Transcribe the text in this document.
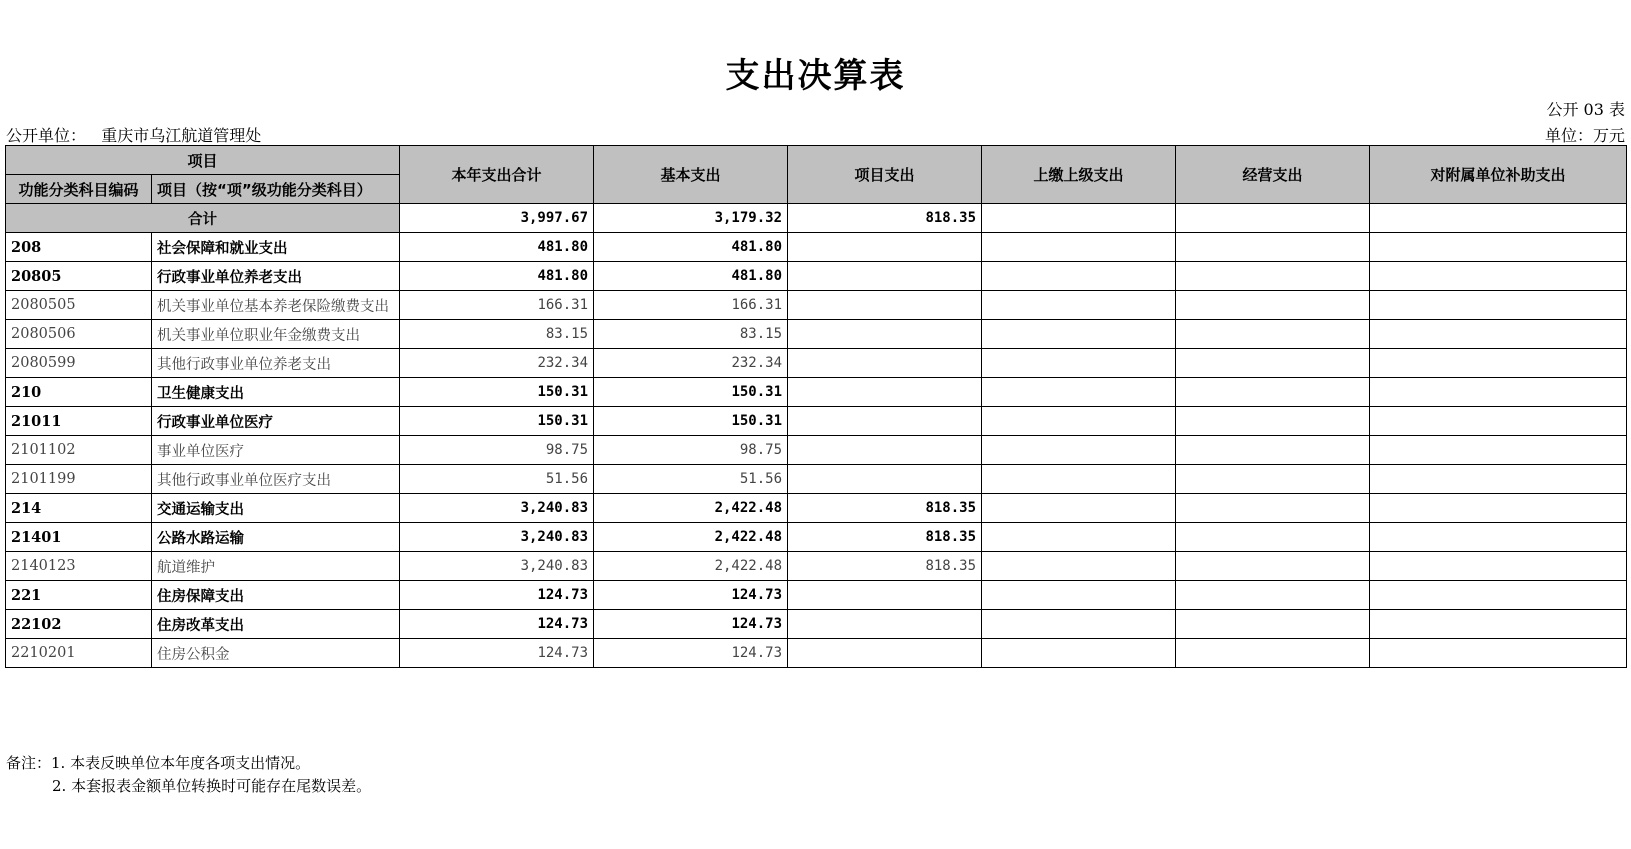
支出决算表
公开 03 表
公开单位： 重庆市乌江航道管理处	单位：万元
项目		本年支出合计	基本支出	项目支出	上缴上级支出	经营支出	对附属单位补助支出
功能分类科目编码	项目（按“项”级功能分类科目）						
合计		3,997.67	3,179.32	818.35			
208	社会保障和就业支出	481.80	481.80				
20805	行政事业单位养老支出	481.80	481.80				
2080505	机关事业单位基本养老保险缴费支出	166.31	166.31				
2080506	机关事业单位职业年金缴费支出	83.15	83.15				
2080599	其他行政事业单位养老支出	232.34	232.34				
210	卫生健康支出	150.31	150.31				
21011	行政事业单位医疗	150.31	150.31				
2101102	事业单位医疗	98.75	98.75				
2101199	其他行政事业单位医疗支出	51.56	51.56				
214	交通运输支出	3,240.83	2,422.48	818.35			
21401	公路水路运输	3,240.83	2,422.48	818.35			
2140123	航道维护	3,240.83	2,422.48	818.35			
221	住房保障支出	124.73	124.73				
22102	住房改革支出	124.73	124.73				
2210201	住房公积金	124.73	124.73				
备注：1. 本表反映单位本年度各项支出情况。
2. 本套报表金额单位转换时可能存在尾数误差。
